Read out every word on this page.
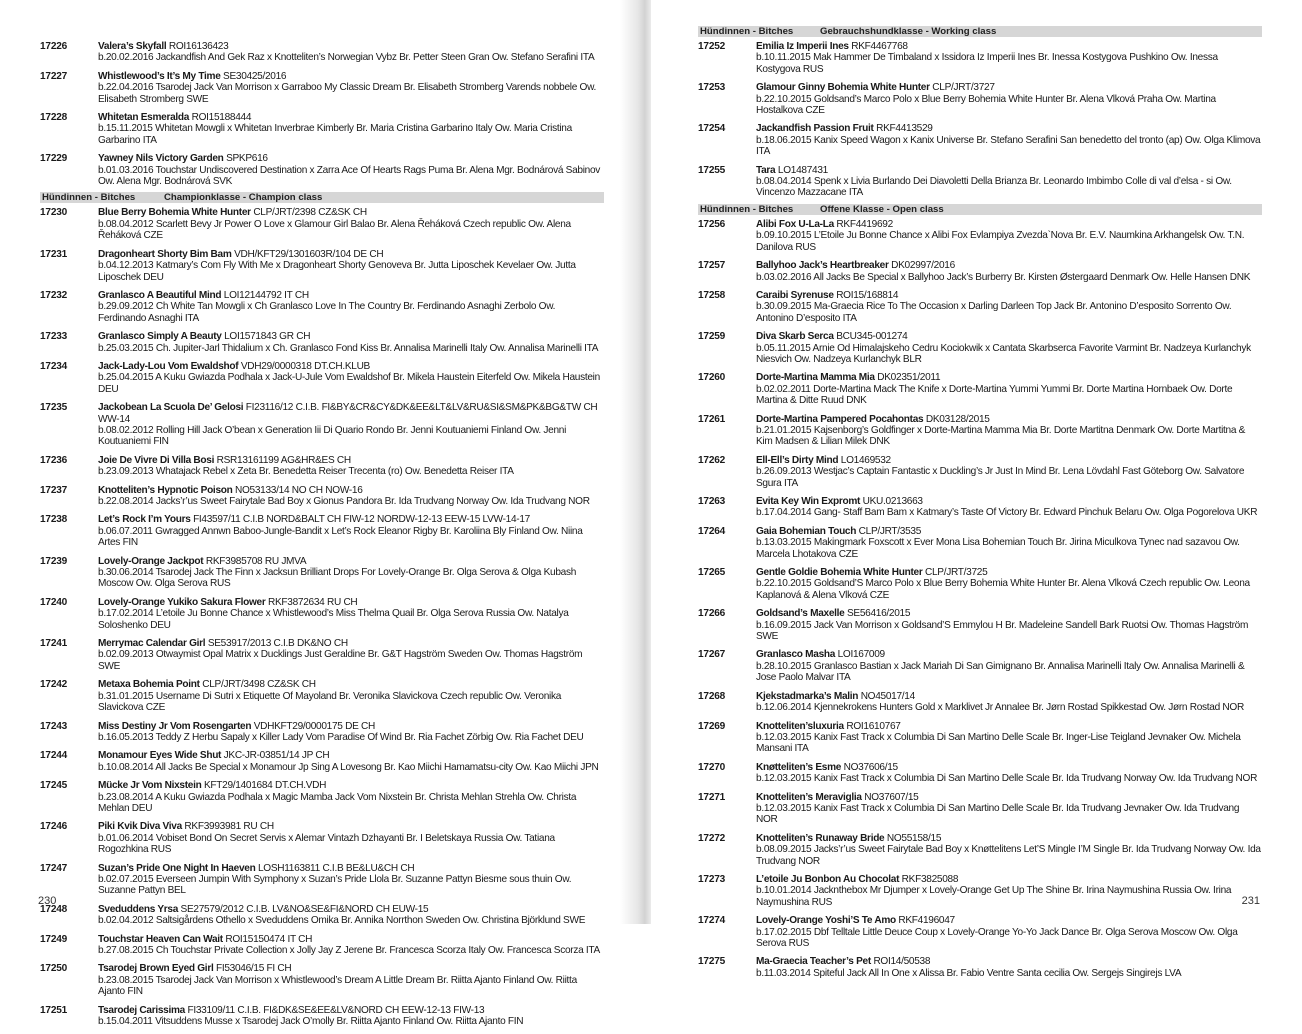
17226	Valera’s Skyfall ROI16136423
b.20.02.2016 Jackandfish And Gek Raz x Knotteliten’s Norwegian Vybz Br. Petter Steen Gran Ow. Stefano Serafini ITA
17227	Whistlewood’s It’s My Time SE30425/2016
b.22.04.2016 Tsarodej Jack Van Morrison x Garraboo My Classic Dream Br. Elisabeth Stromberg Varends nobbele Ow. Elisabeth Stromberg SWE
17228	Whitetan Esmeralda ROI15188444
b.15.11.2015 Whitetan Mowgli x Whitetan Inverbrae Kimberly Br. Maria Cristina Garbarino Italy Ow. Maria Cristina Garbarino ITA
17229	Yawney Nils Victory Garden SPKP616
b.01.03.2016 Touchstar Undiscovered Destination x Zarra Ace Of Hearts Rags Puma Br. Alena Mgr. Bodnárová Sabinov Ow. Alena Mgr. Bodnárová SVK
Hündinnen - Bitches	Championklasse - Champion class
17230	Blue Berry Bohemia White Hunter CLP/JRT/2398 CZ&SK CH
b.08.04.2012 Scarlett Bevy Jr Power O Love x Glamour Girl Balao Br. Alena Řeháková Czech republic Ow. Alena Řeháková CZE
17231	Dragonheart Shorty Bim Bam VDH/KFT29/1301603R/104 DE CH
b.04.12.2013 Katmary’s Com Fly With Me x Dragonheart Shorty Genoveva Br. Jutta Liposchek Kevelaer Ow. Jutta Liposchek DEU
17232	Granlasco A Beautiful Mind LOI12144792 IT CH
b.29.09.2012 Ch White Tan Mowgli x Ch Granlasco Love In The Country Br. Ferdinando Asnaghi Zerbolo Ow. Ferdinando Asnaghi ITA
17233	Granlasco Simply A Beauty LOI1571843 GR CH
b.25.03.2015 Ch. Jupiter-Jarl Thidalium x Ch. Granlasco Fond Kiss Br. Annalisa Marinelli Italy Ow. Annalisa Marinelli ITA
17234	Jack-Lady-Lou Vom Ewaldshof VDH29/0000318 DT.CH.KLUB
b.25.04.2015 A Kuku Gwiazda Podhala x Jack-U-Jule Vom Ewaldshof Br. Mikela Haustein Eiterfeld Ow. Mikela Haustein DEU
17235	Jackobean La Scuola De’ Gelosi FI23116/12 C.I.B. FI&BY&CR&CY&DK&EE&LT&LV&RU&SI&SM&PK&BG&TW CH WW-14
b.08.02.2012 Rolling Hill Jack O’bean x Generation Iii Di Quario Rondo Br. Jenni Koutuaniemi Finland Ow. Jenni Koutuaniemi FIN
17236	Joie De Vivre Di Villa Bosi RSR13161199 AG&HR&ES CH
b.23.09.2013 Whatajack Rebel x Zeta Br. Benedetta Reiser Trecenta (ro) Ow. Benedetta Reiser ITA
17237	Knotteliten’s Hypnotic Poison NO53133/14 NO CH NOW-16
b.22.08.2014 Jacks’r’us Sweet Fairytale Bad Boy x Gionus Pandora Br. Ida Trudvang Norway Ow. Ida Trudvang NOR
17238	Let’s Rock I’m Yours FI43597/11 C.I.B NORD&BALT CH FIW-12 NORDW-12-13 EEW-15 LVW-14-17
b.06.07.2011 Gwragged Annwn Baboo-Jungle-Bandit x Let’s Rock Eleanor Rigby Br. Karoliina Bly Finland Ow. Niina Artes FIN
17239	Lovely-Orange Jackpot RKF3985708 RU JMVA
b.30.06.2014 Tsarodej Jack The Finn x Jacksun Brilliant Drops For Lovely-Orange Br. Olga Serova & Olga Kubash Moscow Ow. Olga Serova RUS
17240	Lovely-Orange Yukiko Sakura Flower RKF3872634 RU CH
b.17.02.2014 L’etoile Ju Bonne Chance x Whistlewood’s Miss Thelma Quail Br. Olga Serova Russia Ow. Natalya Soloshenko DEU
17241	Merrymac Calendar Girl SE53917/2013 C.I.B DK&NO CH
b.02.09.2013 Otwaymist Opal Matrix x Ducklings Just Geraldine Br. G&T Hagström Sweden Ow. Thomas Hagström SWE
17242	Metaxa Bohemia Point CLP/JRT/3498 CZ&SK CH
b.31.01.2015 Username Di Sutri x Etiquette Of Mayoland Br. Veronika Slavickova Czech republic Ow. Veronika Slavickova CZE
17243	Miss Destiny Jr Vom Rosengarten VDHKFT29/0000175 DE CH
b.16.05.2013 Teddy Z Herbu Sapaly x Killer Lady Vom Paradise Of Wind Br. Ria Fachet Zörbig Ow. Ria Fachet DEU
17244	Monamour Eyes Wide Shut JKC-JR-03851/14 JP CH
b.10.08.2014 All Jacks Be Special x Monamour Jp Sing A Lovesong Br. Kao Miichi Hamamatsu-city Ow. Kao Miichi JPN
17245	Mücke Jr Vom Nixstein KFT29/1401684 DT.CH.VDH
b.23.08.2014 A Kuku Gwiazda Podhala x Magic Mamba Jack Vom Nixstein Br. Christa Mehlan Strehla Ow. Christa Mehlan DEU
17246	Piki Kvik Diva Viva RKF3993981 RU CH
b.01.06.2014 Vobiset Bond On Secret Servis x Alemar Vintazh Dzhayanti Br. I Beletskaya Russia Ow. Tatiana Rogozhkina RUS
17247	Suzan’s Pride One Night In Haeven LOSH1163811 C.I.B BE&LU&CH CH
b.02.07.2015 Everseen Jumpin With Symphony x Suzan’s Pride Llola Br. Suzanne Pattyn Biesme sous thuin Ow. Suzanne Pattyn BEL
17248	Sveduddens Yrsa SE27579/2012 C.I.B. LV&NO&SE&FI&NORD CH EUW-15
b.02.04.2012 Saltsigårdens Othello x Sveduddens Omika Br. Annika Norrthon Sweden Ow. Christina Björklund SWE
17249	Touchstar Heaven Can Wait ROI15150474 IT CH
b.27.08.2015 Ch Touchstar Private Collection x Jolly Jay Z Jerene Br. Francesca Scorza Italy Ow. Francesca Scorza ITA
17250	Tsarodej Brown Eyed Girl FI53046/15 FI CH
b.23.08.2015 Tsarodej Jack Van Morrison x Whistlewood’s Dream A Little Dream Br. Riitta Ajanto Finland Ow. Riitta Ajanto FIN
17251	Tsarodej Carissima FI33109/11 C.I.B. FI&DK&SE&EE&LV&NORD CH EEW-12-13 FIW-13
b.15.04.2011 Vitsuddens Musse x Tsarodej Jack O’molly Br. Riitta Ajanto Finland Ow. Riitta Ajanto FIN
230
Hündinnen - Bitches	Gebrauchshundklasse - Working class
17252	Emilia Iz Imperii Ines RKF4467768
b.10.11.2015 Mak Hammer De Timbaland x Issidora Iz Imperii Ines Br. Inessa Kostygova Pushkino Ow. Inessa Kostygova RUS
17253	Glamour Ginny Bohemia White Hunter CLP/JRT/3727
b.22.10.2015 Goldsand’s Marco Polo x Blue Berry Bohemia White Hunter Br. Alena Vlková Praha Ow. Martina Hostalkova CZE
17254	Jackandfish Passion Fruit RKF4413529
b.18.06.2015 Kanix Speed Wagon x Kanix Universe Br. Stefano Serafini San benedetto del tronto (ap) Ow. Olga Klimova ITA
17255	Tara LO1487431
b.08.04.2014 Spenk x Livia Burlando Dei Diavoletti Della Brianza Br. Leonardo Imbimbo Colle di val d’elsa - si Ow. Vincenzo Mazzacane ITA
Hündinnen - Bitches	Offene Klasse - Open class
17256	Alibi Fox U-La-La RKF4419692
b.09.10.2015 L’Etoile Ju Bonne Chance x Alibi Fox Evlampiya Zvezda`Nova Br. E.V. Naumkina Arkhangelsk Ow. T.N. Danilova RUS
17257	Ballyhoo Jack’s Heartbreaker DK02997/2016
b.03.02.2016 All Jacks Be Special x Ballyhoo Jack’s Burberry Br. Kirsten Østergaard Denmark Ow. Helle Hansen DNK
17258	Caraibi Syrenuse ROI15/168814
b.30.09.2015 Ma-Graecia Rice To The Occasion x Darling Darleen Top Jack Br. Antonino D’esposito Sorrento Ow. Antonino D’esposito ITA
17259	Diva Skarb Serca BCU345-001274
b.05.11.2015 Arnie Od Himalajskeho Cedru Kociokwik x Cantata Skarbserca Favorite Varmint Br. Nadzeya Kurlanchyk Niesvich Ow. Nadzeya Kurlanchyk BLR
17260	Dorte-Martina Mamma Mia DK02351/2011
b.02.02.2011 Dorte-Martina Mack The Knife x Dorte-Martina Yummi Yummi Br. Dorte Martina Hornbaek Ow. Dorte Martina & Ditte Ruud DNK
17261	Dorte-Martina Pampered Pocahontas DK03128/2015
b.21.01.2015 Kajsenborg’s Goldfinger x Dorte-Martina Mamma Mia Br. Dorte Martitna Denmark Ow. Dorte Martitna & Kim Madsen & Lilian Milek DNK
17262	Ell-Ell’s Dirty Mind LO1469532
b.26.09.2013 Westjac’s Captain Fantastic x Duckling’s Jr Just In Mind Br. Lena Lövdahl Fast Göteborg Ow. Salvatore Sgura ITA
17263	Evita Key Win Expromt UKU.0213663
b.17.04.2014 Gang- Staff Bam Bam x Katmary’s Taste Of Victory Br. Edward Pinchuk Belaru Ow. Olga Pogorelova UKR
17264	Gaia Bohemian Touch CLP/JRT/3535
b.13.03.2015 Makingmark Foxscott x Ever Mona Lisa Bohemian Touch Br. Jirina Miculkova Tynec nad sazavou Ow. Marcela Lhotakova CZE
17265	Gentle Goldie Bohemia White Hunter CLP/JRT/3725
b.22.10.2015 Goldsand’S Marco Polo x Blue Berry Bohemia White Hunter Br. Alena Vlková Czech republic Ow. Leona Kaplanová & Alena Vlková CZE
17266	Goldsand’s Maxelle SE56416/2015
b.16.09.2015 Jack Van Morrison x Goldsand’S Emmylou H Br. Madeleine Sandell Bark Ruotsi Ow. Thomas Hagström SWE
17267	Granlasco Masha LOI167009
b.28.10.2015 Granlasco Bastian x Jack Mariah Di San Gimignano Br. Annalisa Marinelli Italy Ow. Annalisa Marinelli & Jose Paolo Malvar ITA
17268	Kjekstadmarka’s Malin NO45017/14
b.12.06.2014 Kjennekrokens Hunters Gold x Marklivet Jr Annalee Br. Jørn Rostad Spikkestad Ow. Jørn Rostad NOR
17269	Knotteliten’sluxuria ROI1610767
b.12.03.2015 Kanix Fast Track x Columbia Di San Martino Delle Scale Br. Inger-Lise Teigland Jevnaker Ow. Michela Mansani ITA
17270	Knøtteliten’s Esme NO37606/15
b.12.03.2015 Kanix Fast Track x Columbia Di San Martino Delle Scale Br. Ida Trudvang Norway Ow. Ida Trudvang NOR
17271	Knotteliten’s Meraviglia NO37607/15
b.12.03.2015 Kanix Fast Track x Columbia Di San Martino Delle Scale Br. Ida Trudvang Jevnaker Ow. Ida Trudvang NOR
17272	Knotteliten’s Runaway Bride NO55158/15
b.08.09.2015 Jacks’r’us Sweet Fairytale Bad Boy x Knøttelitens Let’S Mingle I’M Single Br. Ida Trudvang Norway Ow. Ida Trudvang NOR
17273	L’etoile Ju Bonbon Au Chocolat RKF3825088
b.10.01.2014 Jacknthebox Mr Djumper x Lovely-Orange Get Up The Shine Br. Irina Naymushina Russia Ow. Irina Naymushina RUS
17274	Lovely-Orange Yoshi’S Te Amo RKF4196047
b.17.02.2015 Dbf Telltale Little Deuce Coup x Lovely-Orange Yo-Yo Jack Dance Br. Olga Serova Moscow Ow. Olga Serova RUS
17275	Ma-Graecia Teacher’s Pet ROI14/50538
b.11.03.2014 Spiteful Jack All In One x Alissa Br. Fabio Ventre Santa cecilia Ow. Sergejs Singirejs LVA
231
